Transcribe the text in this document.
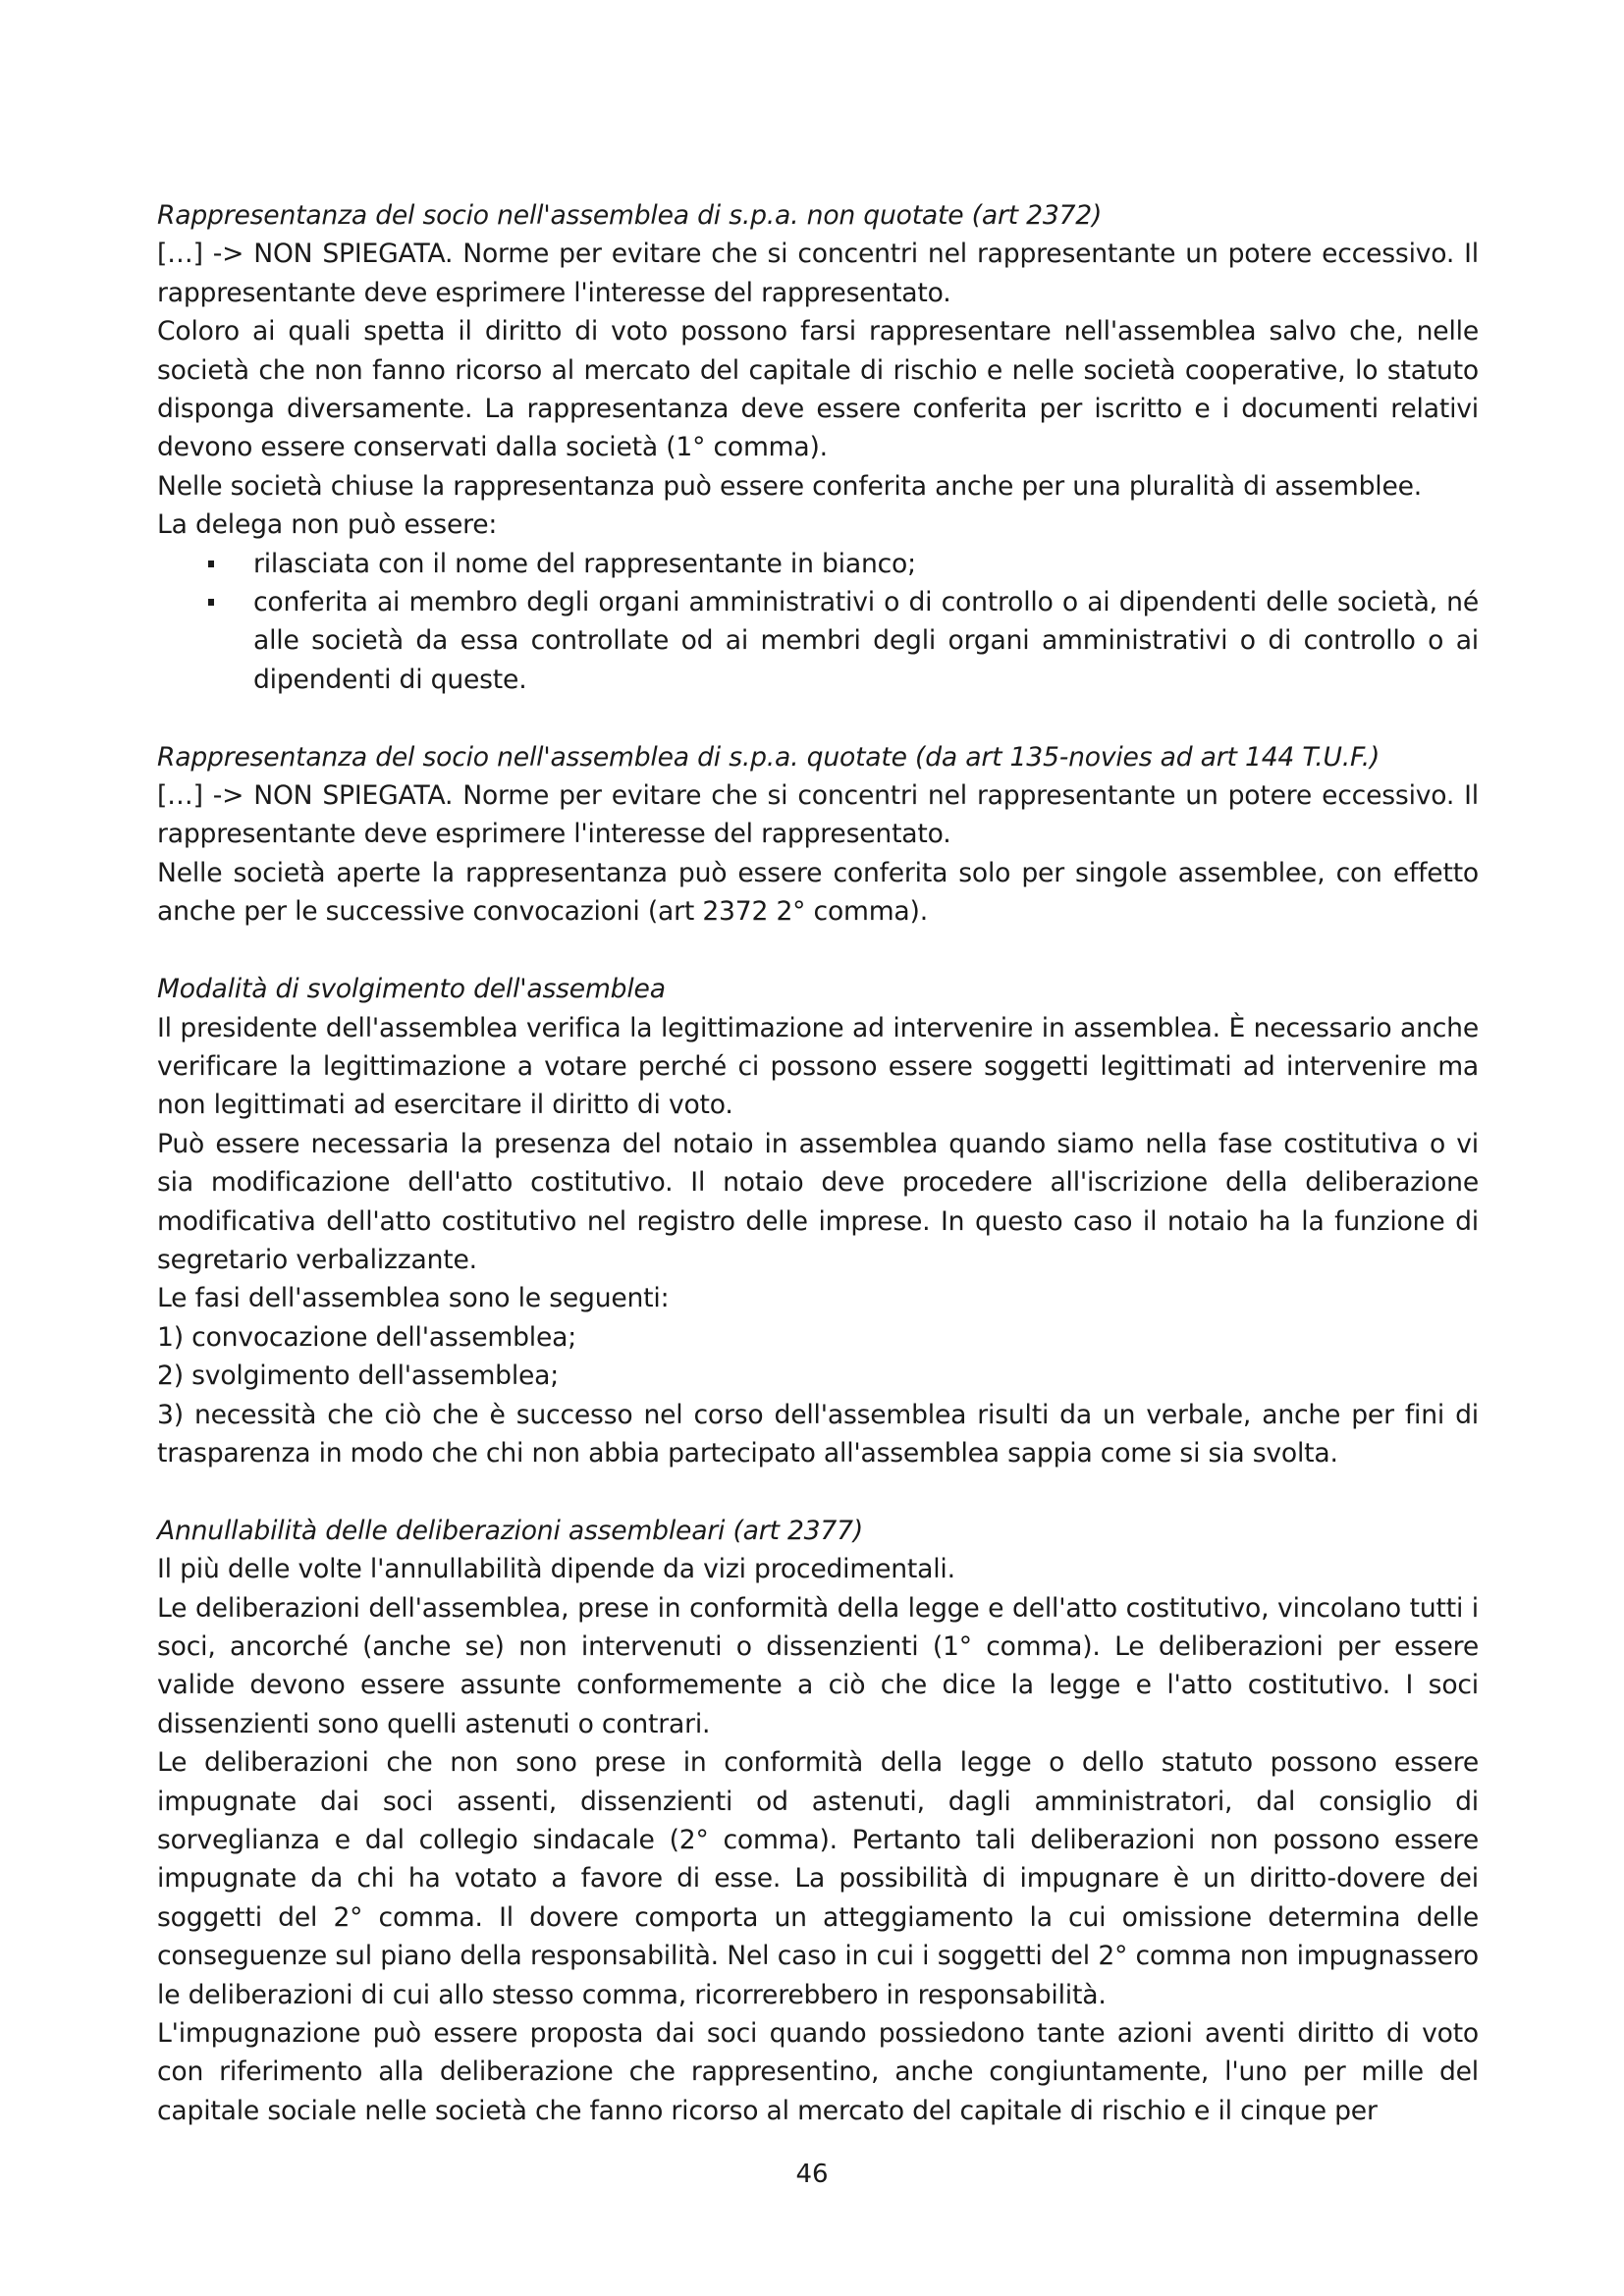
Rappresentanza del socio nell'assemblea di s.p.a. non quotate (art 2372)

[…] -> NON SPIEGATA. Norme per evitare che si concentri nel rappresentante un potere eccessivo. Il rappresentante deve esprimere l'interesse del rappresentato.

Coloro ai quali spetta il diritto di voto possono farsi rappresentare nell'assemblea salvo che, nelle società che non fanno ricorso al mercato del capitale di rischio e nelle società cooperative, lo statuto disponga diversamente. La rappresentanza deve essere conferita per iscritto e i documenti relativi devono essere conservati dalla società (1° comma).

Nelle società chiuse la rappresentanza può essere conferita anche per una pluralità di assemblee.

La delega non può essere:

rilasciata con il nome del rappresentante in bianco;
conferita ai membro degli organi amministrativi o di controllo o ai dipendenti delle società, né alle società da essa controllate od ai membri degli organi amministrativi o di controllo o ai dipendenti di queste.

Rappresentanza del socio nell'assemblea di s.p.a. quotate (da art 135-novies ad art 144 T.U.F.)

[…] -> NON SPIEGATA. Norme per evitare che si concentri nel rappresentante un potere eccessivo. Il rappresentante deve esprimere l'interesse del rappresentato.

Nelle società aperte la rappresentanza può essere conferita solo per singole assemblee, con effetto anche per le successive convocazioni (art 2372 2° comma).

Modalità di svolgimento dell'assemblea

Il presidente dell'assemblea verifica la legittimazione ad intervenire in assemblea. È necessario anche verificare la legittimazione a votare perché ci possono essere soggetti legittimati ad intervenire ma non legittimati ad esercitare il diritto di voto.

Può essere necessaria la presenza del notaio in assemblea quando siamo nella fase costitutiva o vi sia modificazione dell'atto costitutivo. Il notaio deve procedere all'iscrizione della deliberazione modificativa dell'atto costitutivo nel registro delle imprese. In questo caso il notaio ha la funzione di segretario verbalizzante.

Le fasi dell'assemblea sono le seguenti:

1) convocazione dell'assemblea;

2) svolgimento dell'assemblea;

3) necessità che ciò che è successo nel corso dell'assemblea risulti da un verbale, anche per fini di trasparenza in modo che chi non abbia partecipato all'assemblea sappia come si sia svolta.

Annullabilità delle deliberazioni assembleari (art 2377)

Il più delle volte l'annullabilità dipende da vizi procedimentali.

Le deliberazioni dell'assemblea, prese in conformità della legge e dell'atto costitutivo, vincolano tutti i soci, ancorché (anche se) non intervenuti o dissenzienti (1° comma). Le deliberazioni per essere valide devono essere assunte conformemente a ciò che dice la legge e l'atto costitutivo. I soci dissenzienti sono quelli astenuti o contrari.

Le deliberazioni che non sono prese in conformità della legge o dello statuto possono essere impugnate dai soci assenti, dissenzienti od astenuti, dagli amministratori, dal consiglio di sorveglianza e dal collegio sindacale (2° comma). Pertanto tali deliberazioni non possono essere impugnate da chi ha votato a favore di esse. La possibilità di impugnare è un diritto-dovere dei soggetti del 2° comma. Il dovere comporta un atteggiamento la cui omissione determina delle conseguenze sul piano della responsabilità. Nel caso in cui i soggetti del 2° comma non impugnassero le deliberazioni di cui allo stesso comma, ricorrerebbero in responsabilità.

L'impugnazione può essere proposta dai soci quando possiedono tante azioni aventi diritto di voto con riferimento alla deliberazione che rappresentino, anche congiuntamente, l'uno per mille del capitale sociale nelle società che fanno ricorso al mercato del capitale di rischio e il cinque per

46
